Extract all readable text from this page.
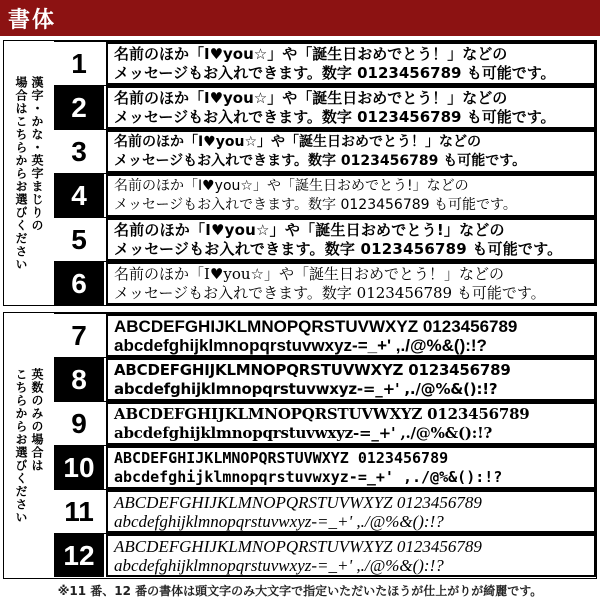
書体
漢字・かな・英字まじりの
場合はこちらからお選びください
1	名前のほか「I♥you☆」や「誕生日おめでとう！」などの
メッセージもお入れできます。数字 0123456789 も可能です。
2	名前のほか「I♥you☆」や「誕生日おめでとう！」などの
メッセージもお入れできます。数字 0123456789 も可能です。
3	名前のほか「I♥you☆」や「誕生日おめでとう！」などの
メッセージもお入れできます。数字 0123456789 も可能です。
4	名前のほか「I♥you☆」や「誕生日おめでとう!」などの
メッセージもお入れできます。数字 0123456789 も可能です。
5	名前のほか「I♥you☆」や「誕生日おめでとう!」などの
メッセージもお入れできます。数字 0123456789 も可能です。
6	名前のほか「I♥you☆」や「誕生日おめでとう！」などの
メッセージもお入れできます。数字 0123456789 も可能です。
英数のみの場合は
こちらからお選びください
7	ABCDEFGHIJKLMNOPQRSTUVWXYZ 0123456789
abcdefghijklmnopqrstuvwxyz-=_+' ,./@%&():!?
8	ABCDEFGHIJKLMNOPQRSTUVWXYZ 0123456789
abcdefghijklmnopqrstuvwxyz-=_+' ,./@%&():!?
9	ABCDEFGHIJKLMNOPQRSTUVWXYZ 0123456789
abcdefghijklmnopqrstuvwxyz-=_+' ,./@%&():!?
10	ABCDEFGHIJKLMNOPQRSTUVWXYZ 0123456789
abcdefghijklmnopqrstuvwxyz-=_+' ,./@%&():!?
11	ABCDEFGHIJKLMNOPQRSTUVWXYZ 0123456789
abcdefghijklmnopqrstuvwxyz-=_+' ,./@%&():!?
12	ABCDEFGHIJKLMNOPQRSTUVWXYZ 0123456789
abcdefghijklmnopqrstuvwxyz-=_+' ,./@%&():!?
※11 番、12 番の書体は頭文字のみ大文字で指定いただいたほうが仕上がりが綺麗です。
